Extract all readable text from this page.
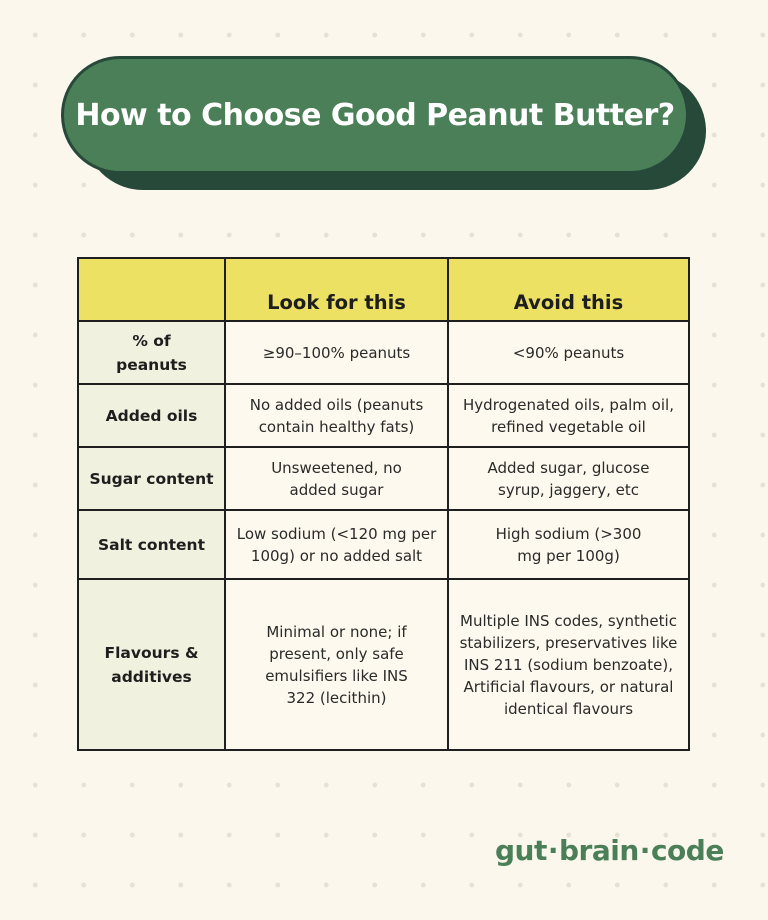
How to Choose Good Peanut Butter?
	Look for this	Avoid this
% of peanuts	≥90–100% peanuts	<90% peanuts
Added oils	No added oils (peanuts contain healthy fats)	Hydrogenated oils, palm oil, refined vegetable oil
Sugar content	Unsweetened, no added sugar	Added sugar, glucose syrup, jaggery, etc
Salt content	Low sodium (<120 mg per 100g) or no added salt	High sodium (>300 mg per 100g)
Flavours & additives	Minimal or none; if present, only safe emulsifiers like INS 322 (lecithin)	Multiple INS codes, synthetic stabilizers, preservatives like INS 211 (sodium benzoate), Artificial flavours, or natural identical flavours
gut·brain·code
